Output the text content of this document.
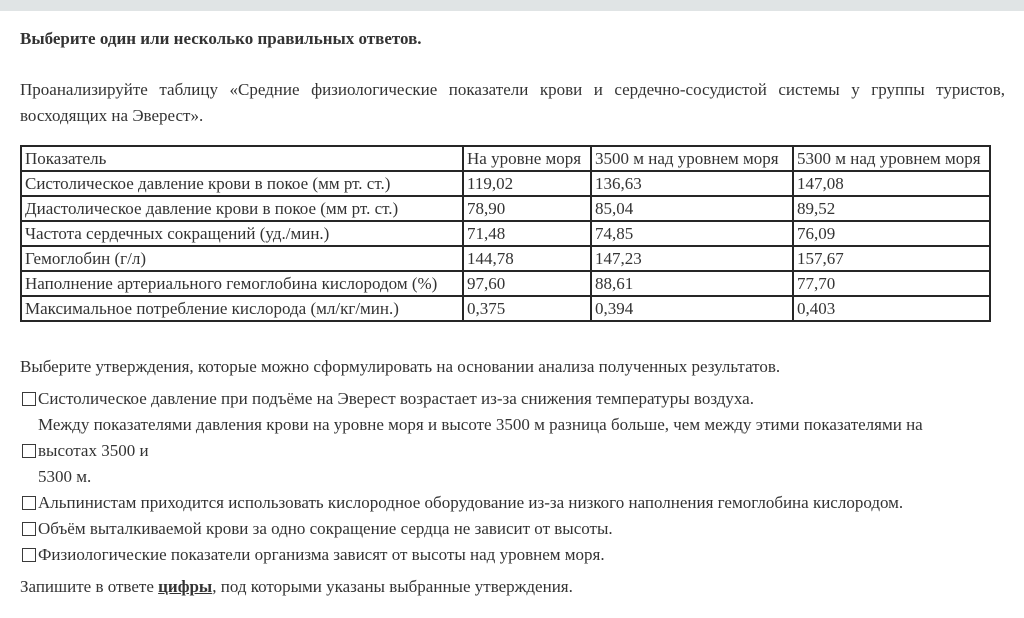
Выберите один или несколько правильных ответов.
Проанализируйте таблицу «Средние физиологические показатели крови и сердечно-сосудистой системы у группы туристов,
восходящих на Эверест».
Показатель	На уровне моря	3500 м над уровнем моря	5300 м над уровнем моря
Систолическое давление крови в покое (мм рт. ст.)	119,02	136,63	147,08
Диастолическое давление крови в покое (мм рт. ст.)	78,90	85,04	89,52
Частота сердечных сокращений (уд./мин.)	71,48	74,85	76,09
Гемоглобин (г/л)	144,78	147,23	157,67
Наполнение артериального гемоглобина кислородом (%)	97,60	88,61	77,70
Максимальное потребление кислорода (мл/кг/мин.)	0,375	0,394	0,403
Выберите утверждения, которые можно сформулировать на основании анализа полученных результатов.
Систолическое давление при подъёме на Эверест возрастает из-за снижения температуры воздуха.
Между показателями давления крови на уровне моря и высоте 3500 м разница больше, чем между этими показателями на
высотах 3500 и
5300 м.
Альпинистам приходится использовать кислородное оборудование из-за низкого наполнения гемоглобина кислородом.
Объём выталкиваемой крови за одно сокращение сердца не зависит от высоты.
Физиологические показатели организма зависят от высоты над уровнем моря.
Запишите в ответе цифры, под которыми указаны выбранные утверждения.
